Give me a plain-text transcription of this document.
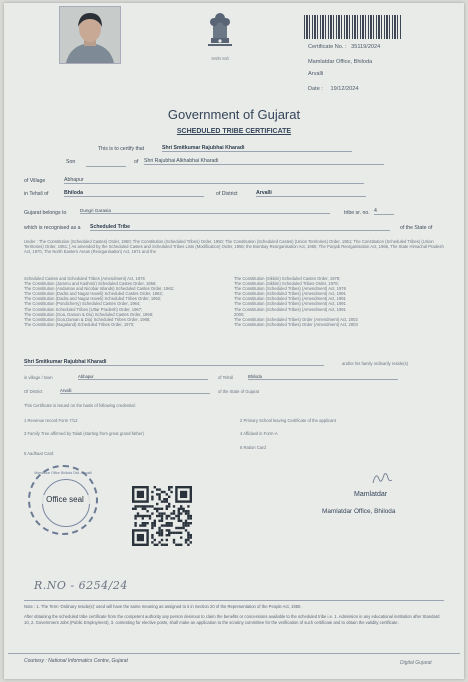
सत्यमेव जयते
Certificate No. : 35119/2024
Mamlatdar Office, Bhiloda
Arvalli
Date : 19/12/2024
Government of Gujarat
SCHEDULED TRIBE CERTIFICATE
This is to certify that	Shri Smitkumar Rajubhai Kharadi
Son	of Shri Rajubhai Alkhabhai Kharadi
of Village	Abhapur
in Tehsil of	Bhiloda	of District	Arvalli
Gujarat belongs to	Dungri Garasia	tribe sr. no. 4
which is recognised as a Scheduled Tribe	of the State of
Under : The Constitution (Scheduled Castes) Order, 1950; The Constitution (Scheduled Tribes) Order, 1950; The Constitution (Scheduled Castes) (Union Territories) Order, 1951; The Constitution (Scheduled Tribes) (Union Territories) Order, 1951; [ As amended by the Scheduled Castes and Scheduled Tribes Lists (Modification) Order, 1956; the Bombay Reorganisation Act, 1960, The Punjab Reorganisation Act, 1966, The State Himachal Pradesh Act, 1970, The North Eastern Areas (Reorganisation) Act, 1971 and the
Scheduled Castes and Scheduled Tribes (Amendment) Act, 1976
The Constitution (Jammu and Kashmir) Scheduled Castes Order, 1956;
The Constitution (Andaman and Nicobar Islands) Scheduled Castes Order, 1962;
The Constitution (Dadra and Nagar Haveli) Scheduled Castes Order, 1962;
The Constitution (Dadra and Nagar Haveli) Scheduled Tribes Order, 1962;
The Constitution (Pondicherry) Scheduled Castes Order, 1964;
The Constitution Scheduled Tribes (Uttar Pradesh) Order, 1967;
The Constitution (Goa, Daman & Diu) Scheduled Castes Order, 1968;
The Constitution (Goa,Daman & Diu) Scheduled Tribes Order, 1968;
The Constitution (Nagaland) Scheduled Tribes Order, 1970;
The Constitution (Sikkim) Scheduled Castes Order, 1978;
The Constitution (Sikkim) Scheduled Tribes Order, 1978;
The Constitution (Scheduled Tribes) (Amendment) Act, 1976
The Constitution (Scheduled Tribes) (Amendment) Act, 1991
The Constitution (Scheduled Tribes) (Amendment) Act, 1991
The Constitution (Scheduled Tribes) (Amendment) Act, 1991
The Constitution (Scheduled Tribes) (Amendment) Act, 1991
2000;
The Constitution (Scheduled Tribes) Order (Amendment) Act, 2002
The Constitution (Scheduled Tribes) Order (Amendment) Act, 2003
Shri Smitkumar Rajubhai Kharadi	and/or his family ordinarily reside(s)
in village / town	Abhapur	of Tehsil	Bhiloda
Of District	Arvalli	of the State of Gujarat
This Certificate is issued on the basis of following credential:
1 Revenue record Form 7/12	2 Primary School leaving Certificate of the applicant
3 Family Tree affirmed by Talati (starting from great grand-father)	4 Affidavit in Form-A
5 Aadhaar Card
6 Ration Card
Mamlatdar Office Bhiloda Dist. Aravalli
Office seal
Mamlatdar
Mamlatdar Office, Bhiloda
R.NO - 6254/24
Note : 1. The Term 'Ordinary reside(s)' used will have the same meaning as assigned to it in Section 20 of the Representation of the People Act, 1950.
After obtaining the scheduled tribe certificate from the competent authority any person desirous to claim the benefits or concessions available to the scheduled tribe i.e. 1. Admission in any educational institution after Standard 10, 2. Government Jobs (Public Employment), 3. contesting for elective posts, shall make an application to the scrutiny committee for the verification of such certificate and to obtain the validity certificate.
Courtesy : National Informatics Centre, Gujarat	Digital Gujarat
